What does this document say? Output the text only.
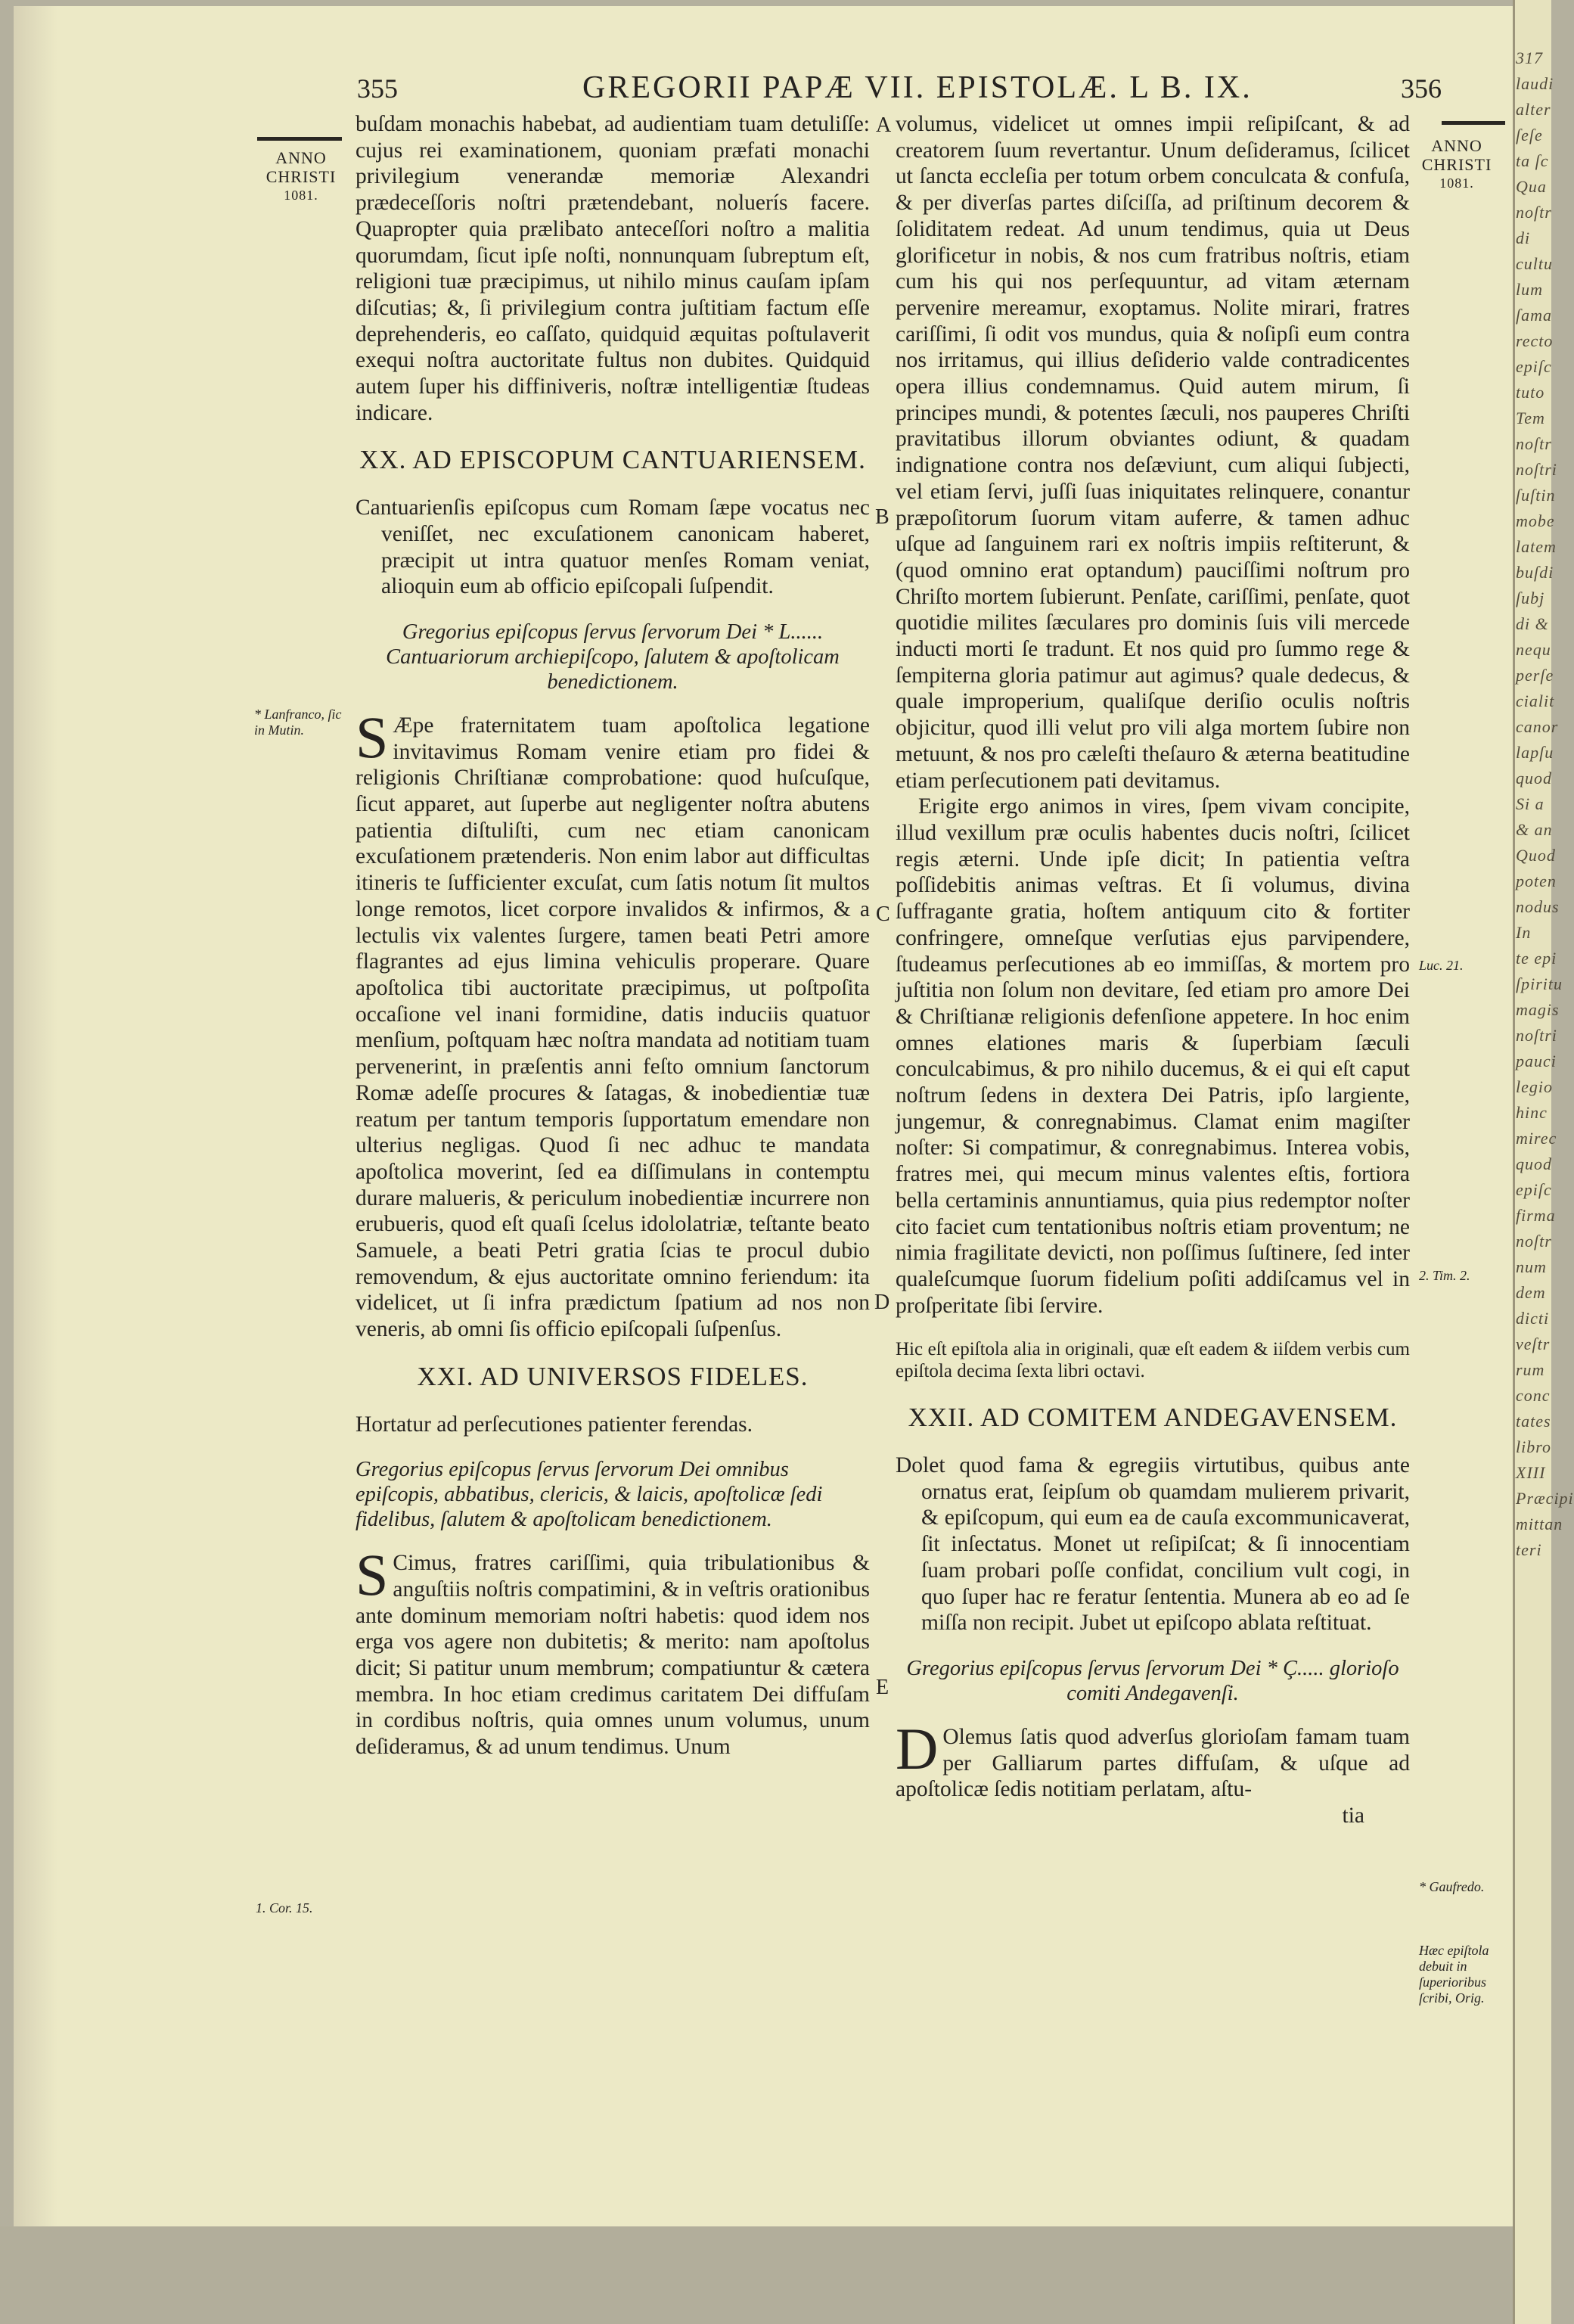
317
laudi
alter
ſeſe
ta ſc
Qua
noſtr
di
cultu
lum
ſama
recto
epiſc
tuto
Tem
noſtr
noſtri
ſuſtin
mobe
latem
buſdi
ſubj
di &
nequ
perſe
cialit
canor
lapſu
quod
Si a
& an
Quod
poten
nodus
In
te epi
ſpiritu
magis
noſtri
pauci
legio
hinc
mirec
quod
epiſc
firma
noſtr
num
dem
dicti
veſtr
rum
conc
tates
libro
XIII
Præcipi
mittan
teri
355	GREGORII PAPÆ VII. EPISTOLÆ. L B. IX.	356
ANNO
CHRISTI
1081.
ANNO
CHRISTI
1081.

buſdam monachis habebat, ad audientiam tuam detuliſſe: cujus rei examinationem, quoniam præfati monachi privilegium venerandæ memoriæ Alexandri prædeceſſoris noſtri prætendebant, noluerís facere. Quapropter quia prælibato anteceſſori noſtro a malitia quorumdam, ſicut ipſe noſti, nonnunquam ſubreptum eſt, religioni tuæ præcipimus, ut nihilo minus cauſam ipſam diſcutias; &, ſi privilegium contra juſtitiam factum eſſe deprehenderis, eo caſſato, quidquid æquitas poſtulaverit exequi noſtra auctoritate fultus non dubites. Quidquid autem ſuper his diffiniveris, noſtræ intelligentiæ ſtudeas indicare.

XX. AD EPISCOPUM CANTUARIENSEM.

Cantuarienſis epiſcopus cum Romam ſæpe vocatus nec veniſſet, nec excuſationem canonicam haberet, præcipit ut intra quatuor menſes Romam veniat, alioquin eum ab officio epiſcopali ſuſpendit.

Gregorius epiſcopus ſervus ſervorum Dei * L...... Cantuariorum archiepiſcopo, ſalutem & apoſtolicam benedictionem.

S Æpe fraternitatem tuam apoſtolica legatione invitavimus Romam venire etiam pro fidei & religionis Chriſtianæ comprobatione: quod huſcuſque, ſicut apparet, aut ſuperbe aut negligenter noſtra abutens patientia diſtuliſti, cum nec etiam canonicam excuſationem prætenderis. Non enim labor aut difficultas itineris te ſufficienter excuſat, cum ſatis notum ſit multos longe remotos, licet corpore invalidos & infirmos, & a lectulis vix valentes ſurgere, tamen beati Petri amore flagrantes ad ejus limina vehiculis properare. Quare apoſtolica tibi auctoritate præcipimus, ut poſtpoſita occaſione vel inani formidine, datis induciis quatuor menſium, poſtquam hæc noſtra mandata ad notitiam tuam pervenerint, in præſentis anni feſto omnium ſanctorum Romæ adeſſe procures & ſatagas, & inobedientiæ tuæ reatum per tantum temporis ſupportatum emendare non ulterius negligas. Quod ſi nec adhuc te mandata apoſtolica moverint, ſed ea diſſimulans in contemptu durare malueris, & periculum inobedientiæ incurrere non erubueris, quod eſt quaſi ſcelus idololatriæ, teſtante beato Samuele, a beati Petri gratia ſcias te procul dubio removendum, & ejus auctoritate omnino feriendum: ita videlicet, ut ſi infra prædictum ſpatium ad nos non veneris, ab omni ſis officio epiſcopali ſuſpenſus.

XXI. AD UNIVERSOS FIDELES.

Hortatur ad perſecutiones patienter ferendas.

Gregorius epiſcopus ſervus ſervorum Dei omnibus epiſcopis, abbatibus, clericis, & laicis, apoſtolicæ ſedi fidelibus, ſalutem & apoſtolicam benedictionem.

S Cimus, fratres cariſſimi, quia tribulationibus & anguſtiis noſtris compatimini, & in veſtris orationibus ante dominum memoriam noſtri habetis: quod idem nos erga vos agere non dubitetis; & merito: nam apoſtolus dicit; Si patitur unum membrum; compatiuntur & cætera membra. In hoc etiam credimus caritatem Dei diffuſam in cordibus noſtris, quia omnes unum volumus, unum deſideramus, & ad unum tendimus. Unum

volumus, videlicet ut omnes impii reſipiſcant, & ad creatorem ſuum revertantur. Unum deſideramus, ſcilicet ut ſancta eccleſia per totum orbem conculcata & confuſa, & per diverſas partes diſciſſa, ad priſtinum decorem & ſoliditatem redeat. Ad unum tendimus, quia ut Deus glorificetur in nobis, & nos cum fratribus noſtris, etiam cum his qui nos perſequuntur, ad vitam æternam pervenire mereamur, exoptamus. Nolite mirari, fratres cariſſimi, ſi odit vos mundus, quia & noſipſi eum contra nos irritamus, qui illius deſiderio valde contradicentes opera illius condemnamus. Quid autem mirum, ſi principes mundi, & potentes ſæculi, nos pauperes Chriſti pravitatibus illorum obviantes odiunt, & quadam indignatione contra nos deſæviunt, cum aliqui ſubjecti, vel etiam ſervi, juſſi ſuas iniquitates relinquere, conantur præpoſitorum ſuorum vitam auferre, & tamen adhuc uſque ad ſanguinem rari ex noſtris impiis reſtiterunt, & (quod omnino erat optandum) pauciſſimi noſtrum pro Chriſto mortem ſubierunt. Penſate, cariſſimi, penſate, quot quotidie milites ſæculares pro dominis ſuis vili mercede inducti morti ſe tradunt. Et nos quid pro ſummo rege & ſempiterna gloria patimur aut agimus? quale dedecus, & quale improperium, qualiſque deriſio oculis noſtris objicitur, quod illi velut pro vili alga mortem ſubire non metuunt, & nos pro cæleſti theſauro & æterna beatitudine etiam perſecutionem pati devitamus.

Erigite ergo animos in vires, ſpem vivam concipite, illud vexillum præ oculis habentes ducis noſtri, ſcilicet regis æterni. Unde ipſe dicit; In patientia veſtra poſſidebitis animas veſtras. Et ſi volumus, divina ſuffragante gratia, hoſtem antiquum cito & fortiter confringere, omneſque verſutias ejus parvipendere, ſtudeamus perſecutiones ab eo immiſſas, & mortem pro juſtitia non ſolum non devitare, ſed etiam pro amore Dei & Chriſtianæ religionis defenſione appetere. In hoc enim omnes elationes maris & ſuperbiam ſæculi conculcabimus, & pro nihilo ducemus, & ei qui eſt caput noſtrum ſedens in dextera Dei Patris, ipſo largiente, jungemur, & conregnabimus. Clamat enim magiſter noſter: Si compatimur, & conregnabimus. Interea vobis, fratres mei, qui mecum minus valentes eſtis, fortiora bella certaminis annuntiamus, quia pius redemptor noſter cito faciet cum tentationibus noſtris etiam proventum; ne nimia fragilitate devicti, non poſſimus ſuſtinere, ſed inter qualeſcumque ſuorum fidelium poſiti addiſcamus vel in proſperitate ſibi ſervire.

Hic eſt epiſtola alia in originali, quæ eſt eadem & iiſdem verbis cum epiſtola decima ſexta libri octavi.

XXII. AD COMITEM ANDEGAVENSEM.

Dolet quod fama & egregiis virtutibus, quibus ante ornatus erat, ſeipſum ob quamdam mulierem privarit, & epiſcopum, qui eum ea de cauſa excommunicaverat, ſit inſectatus. Monet ut reſipiſcat; & ſi innocentiam ſuam probari poſſe confidat, concilium vult cogi, in quo ſuper hac re feratur ſententia. Munera ab eo ad ſe miſſa non recipit. Jubet ut epiſcopo ablata reſtituat.

Gregorius epiſcopus ſervus ſervorum Dei * Ç..... glorioſo comiti Andegavenſi.

D Olemus ſatis quod adverſus glorioſam famam tuam per Galliarum partes diffuſam, & uſque ad apoſtolicæ ſedis notitiam perlatam, aſtu-

tia

A
B
C
D
E
* Lanfranco, ſic in Mutin.
1. Cor. 15.
Luc. 21.
2. Tim. 2.
* Gaufredo.
Hæc epiſtola debuit in ſuperioribus ſcribi, Orig.
